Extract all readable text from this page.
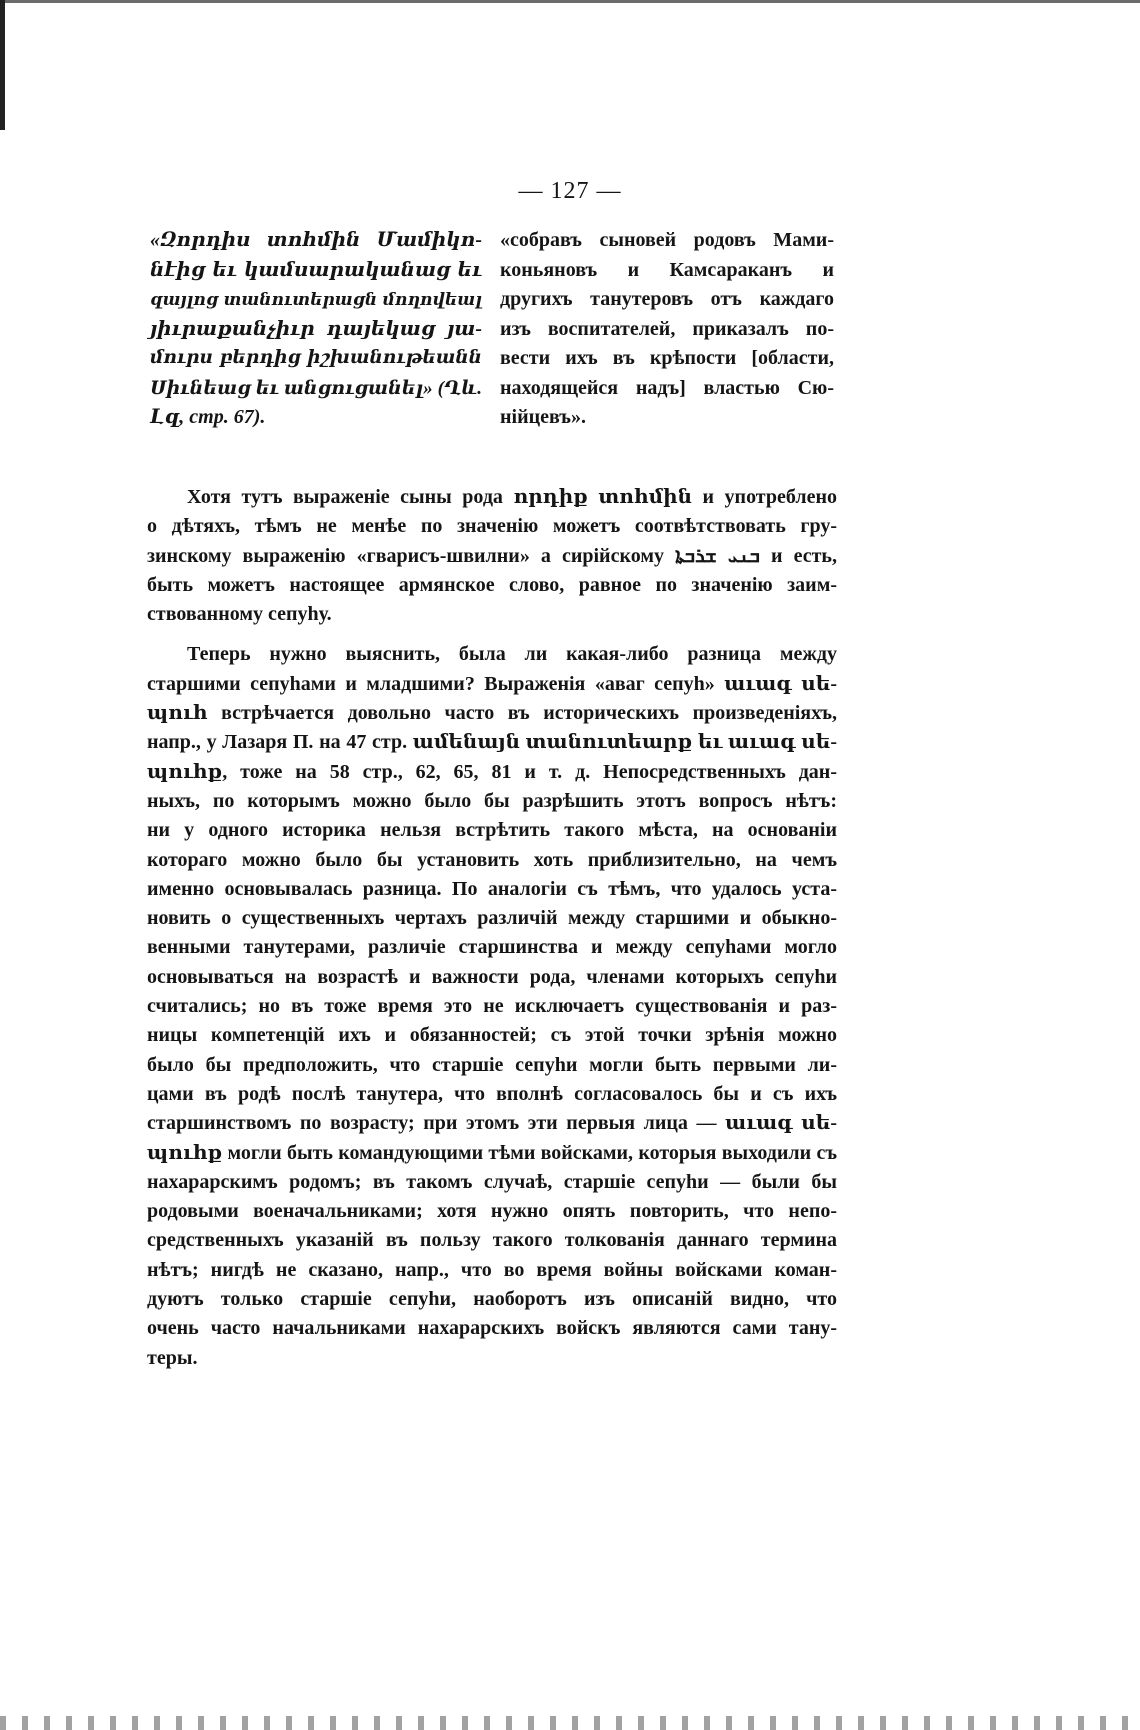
— 127 —
«Զորդիս տոհմին Մամիկո-
նէից եւ կամսարականաց եւ
զայլոց տանուտերացն մողովեալ
յիւրաքանչիւր դայեկաց յա-
մուրս բերդից իշխանութեանն
Սիւնեաց եւ անցուցանել» (Ղև.
Լզ, стр. 67).
«собравъ сыновей родовъ Мами-
коньяновъ и Камсараканъ и
другихъ танутеровъ отъ каждаго
изъ воспитателей, приказалъ по-
вести ихъ въ крѣпости [области,
находящейся надъ] властью Сю-
нійцевъ».
Хотя тутъ выраженіе сыны рода որդիք տոհմին и употреблено
о дѣтяхъ, тѣмъ не менѣе по значенію можетъ соотвѣтствовать гру-
зинскому выраженію «гварисъ-швилни» а сирійскому ܒܢܝ ܫܪܒܬܐ и есть,
быть можетъ настоящее армянское слово, равное по значенію заим-
ствованному сепуһу.
Теперь нужно выяснить, была ли какая-либо разница между
старшими сепуһами и младшими? Выраженія «аваг сепуһ» աւագ սե-
պուհ встрѣчается довольно часто въ историческихъ произведеніяхъ,
напр., у Лазаря П. на 47 стр. ամենայն տանուտեարք եւ աւագ սե-
պուհք, тоже на 58 стр., 62, 65, 81 и т. д. Непосредственныхъ дан-
ныхъ, по которымъ можно было бы разрѣшить этотъ вопросъ нѣтъ:
ни у одного историка нельзя встрѣтить такого мѣста, на основаніи
котораго можно было бы установить хоть приблизительно, на чемъ
именно основывалась разница. По аналогіи съ тѣмъ, что удалось уста-
новить о существенныхъ чертахъ различій между старшими и обыкно-
венными танутерами, различіе старшинства и между сепуһами могло
основываться на возрастѣ и важности рода, членами которыхъ сепуһи
считались; но въ тоже время это не исключаетъ существованія и раз-
ницы компетенцій ихъ и обязанностей; съ этой точки зрѣнія можно
было бы предположить, что старшіе сепуһи могли быть первыми ли-
цами въ родѣ послѣ танутера, что вполнѣ согласовалось бы и съ ихъ
старшинствомъ по возрасту; при этомъ эти первыя лица — աւագ սե-
պուհք могли быть командующими тѣми войсками, которыя выходили съ
нахарарскимъ родомъ; въ такомъ случаѣ, старшіе сепуһи — были бы
родовыми военачальниками; хотя нужно опять повторить, что непо-
средственныхъ указаній въ пользу такого толкованія даннаго термина
нѣтъ; нигдѣ не сказано, напр., что во время войны войсками коман-
дуютъ только старшіе сепуһи, наоборотъ изъ описаній видно, что
очень часто начальниками нахарарскихъ войскъ являются сами тану-
теры.
